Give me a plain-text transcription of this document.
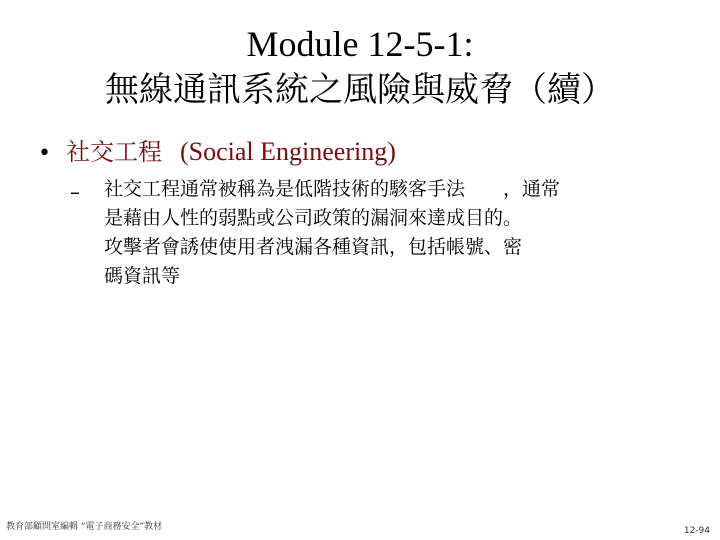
Module 12-5-1:
無線通訊系統之風險與威脅（續）
• 社交工程 (Social Engineering)
– 社交工程通常被稱為是低階技術的駭客手法　　，通常
是藉由人性的弱點或公司政策的漏洞來達成目的。
攻擊者會誘使使用者洩漏各種資訊，包括帳號、密
碼資訊等
教育部顧問室編輯 “電子商務安全”教材	12-94
